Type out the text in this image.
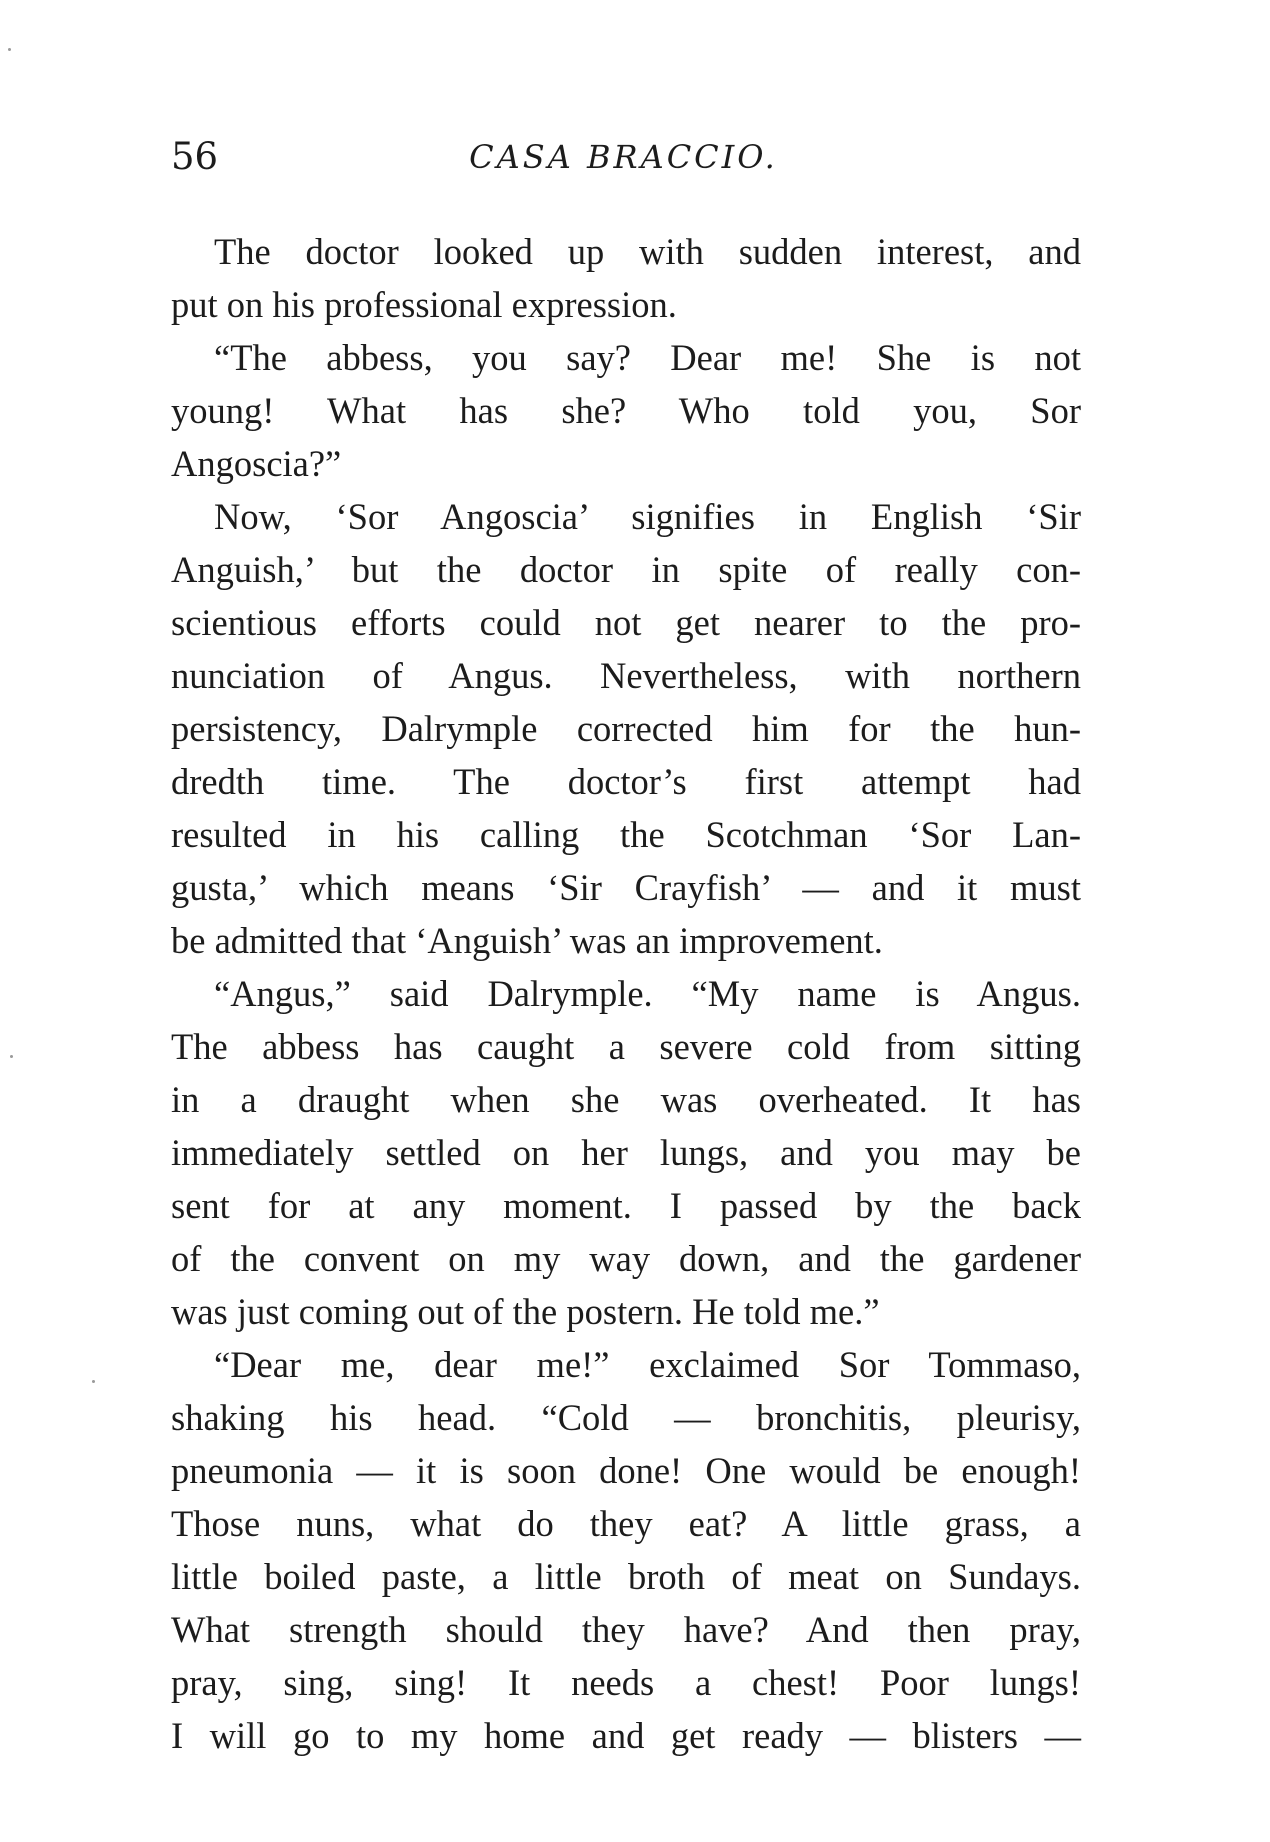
56	CASA BRACCIO.

The doctor looked up with sudden interest, and
put on his professional expression.

“The abbess, you say? Dear me! She is not
young! What has she? Who told you, Sor
Angoscia?”

Now, ‘Sor Angoscia’ signifies in English ‘Sir
Anguish,’ but the doctor in spite of really con-
scientious efforts could not get nearer to the pro-
nunciation of Angus. Nevertheless, with northern
persistency, Dalrymple corrected him for the hun-
dredth time. The doctor’s first attempt had
resulted in his calling the Scotchman ‘Sor Lan-
gusta,’ which means ‘Sir Crayfish’ — and it must
be admitted that ‘Anguish’ was an improvement.

“Angus,” said Dalrymple. “My name is Angus.
The abbess has caught a severe cold from sitting
in a draught when she was overheated. It has
immediately settled on her lungs, and you may be
sent for at any moment. I passed by the back
of the convent on my way down, and the gardener
was just coming out of the postern. He told me.”

“Dear me, dear me!” exclaimed Sor Tommaso,
shaking his head. “Cold — bronchitis, pleurisy,
pneumonia — it is soon done! One would be enough!
Those nuns, what do they eat? A little grass, a
little boiled paste, a little broth of meat on Sundays.
What strength should they have? And then pray,
pray, sing, sing! It needs a chest! Poor lungs!
I will go to my home and get ready — blisters —
